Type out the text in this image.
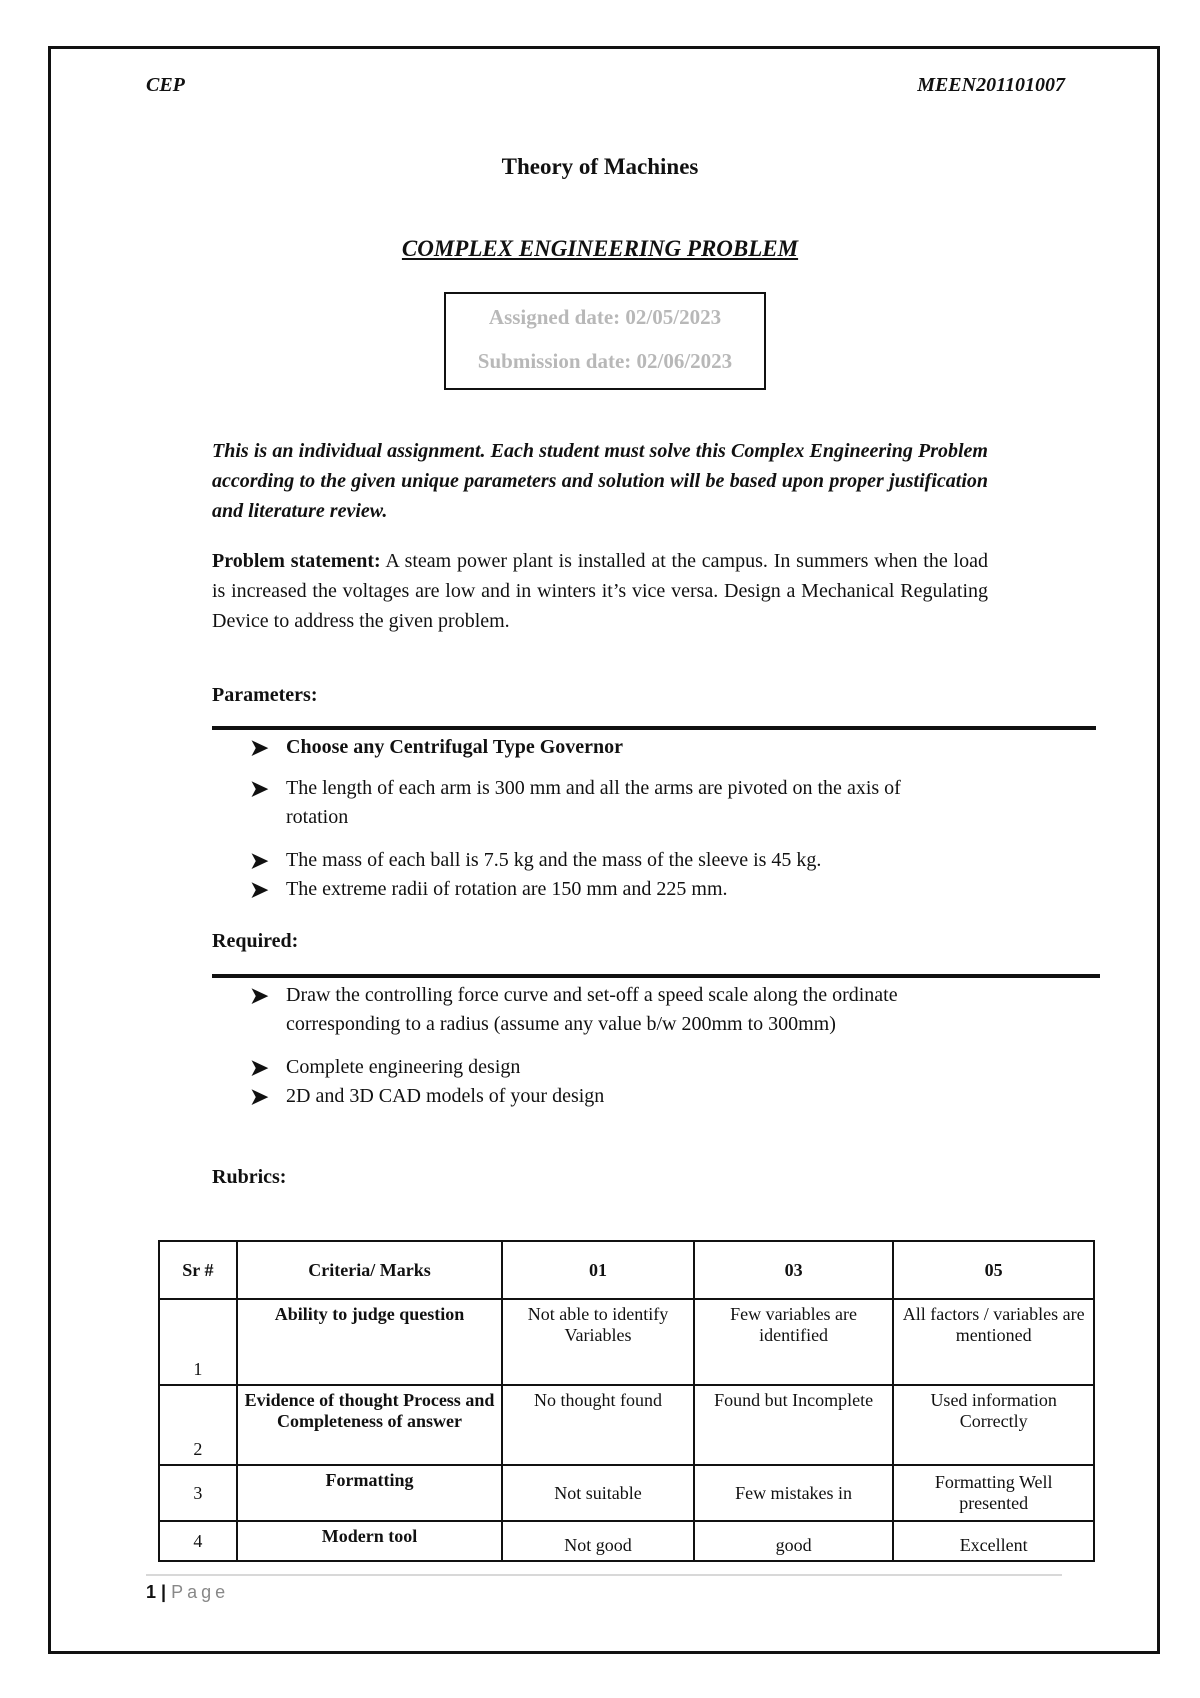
CEP	MEEN201101007
Theory of Machines
COMPLEX ENGINEERING PROBLEM
Assigned date: 02/05/2023
Submission date: 02/06/2023
This is an individual assignment. Each student must solve this Complex Engineering Problem according to the given unique parameters and solution will be based upon proper justification and literature review.
Problem statement: A steam power plant is installed at the campus. In summers when the load is increased the voltages are low and in winters it’s vice versa. Design a Mechanical Regulating Device to address the given problem.
Parameters:
➤ Choose any Centrifugal Type Governor
➤ The length of each arm is 300 mm and all the arms are pivoted on the axis of rotation
➤ The mass of each ball is 7.5 kg and the mass of the sleeve is 45 kg.
➤ The extreme radii of rotation are 150 mm and 225 mm.
Required:
➤ Draw the controlling force curve and set-off a speed scale along the ordinate corresponding to a radius (assume any value b/w 200mm to 300mm)
➤ Complete engineering design
➤ 2D and 3D CAD models of your design
Rubrics:
Sr #	Criteria/ Marks	01	03	05
1	Ability to judge question	Not able to identify Variables	Few variables are identified	All factors / variables are mentioned
2	Evidence of thought Process and Completeness of answer	No thought found	Found but Incomplete	Used information Correctly
3	Formatting	Not suitable	Few mistakes in	Formatting Well presented
4	Modern tool	Not good	good	Excellent
1 | Page
